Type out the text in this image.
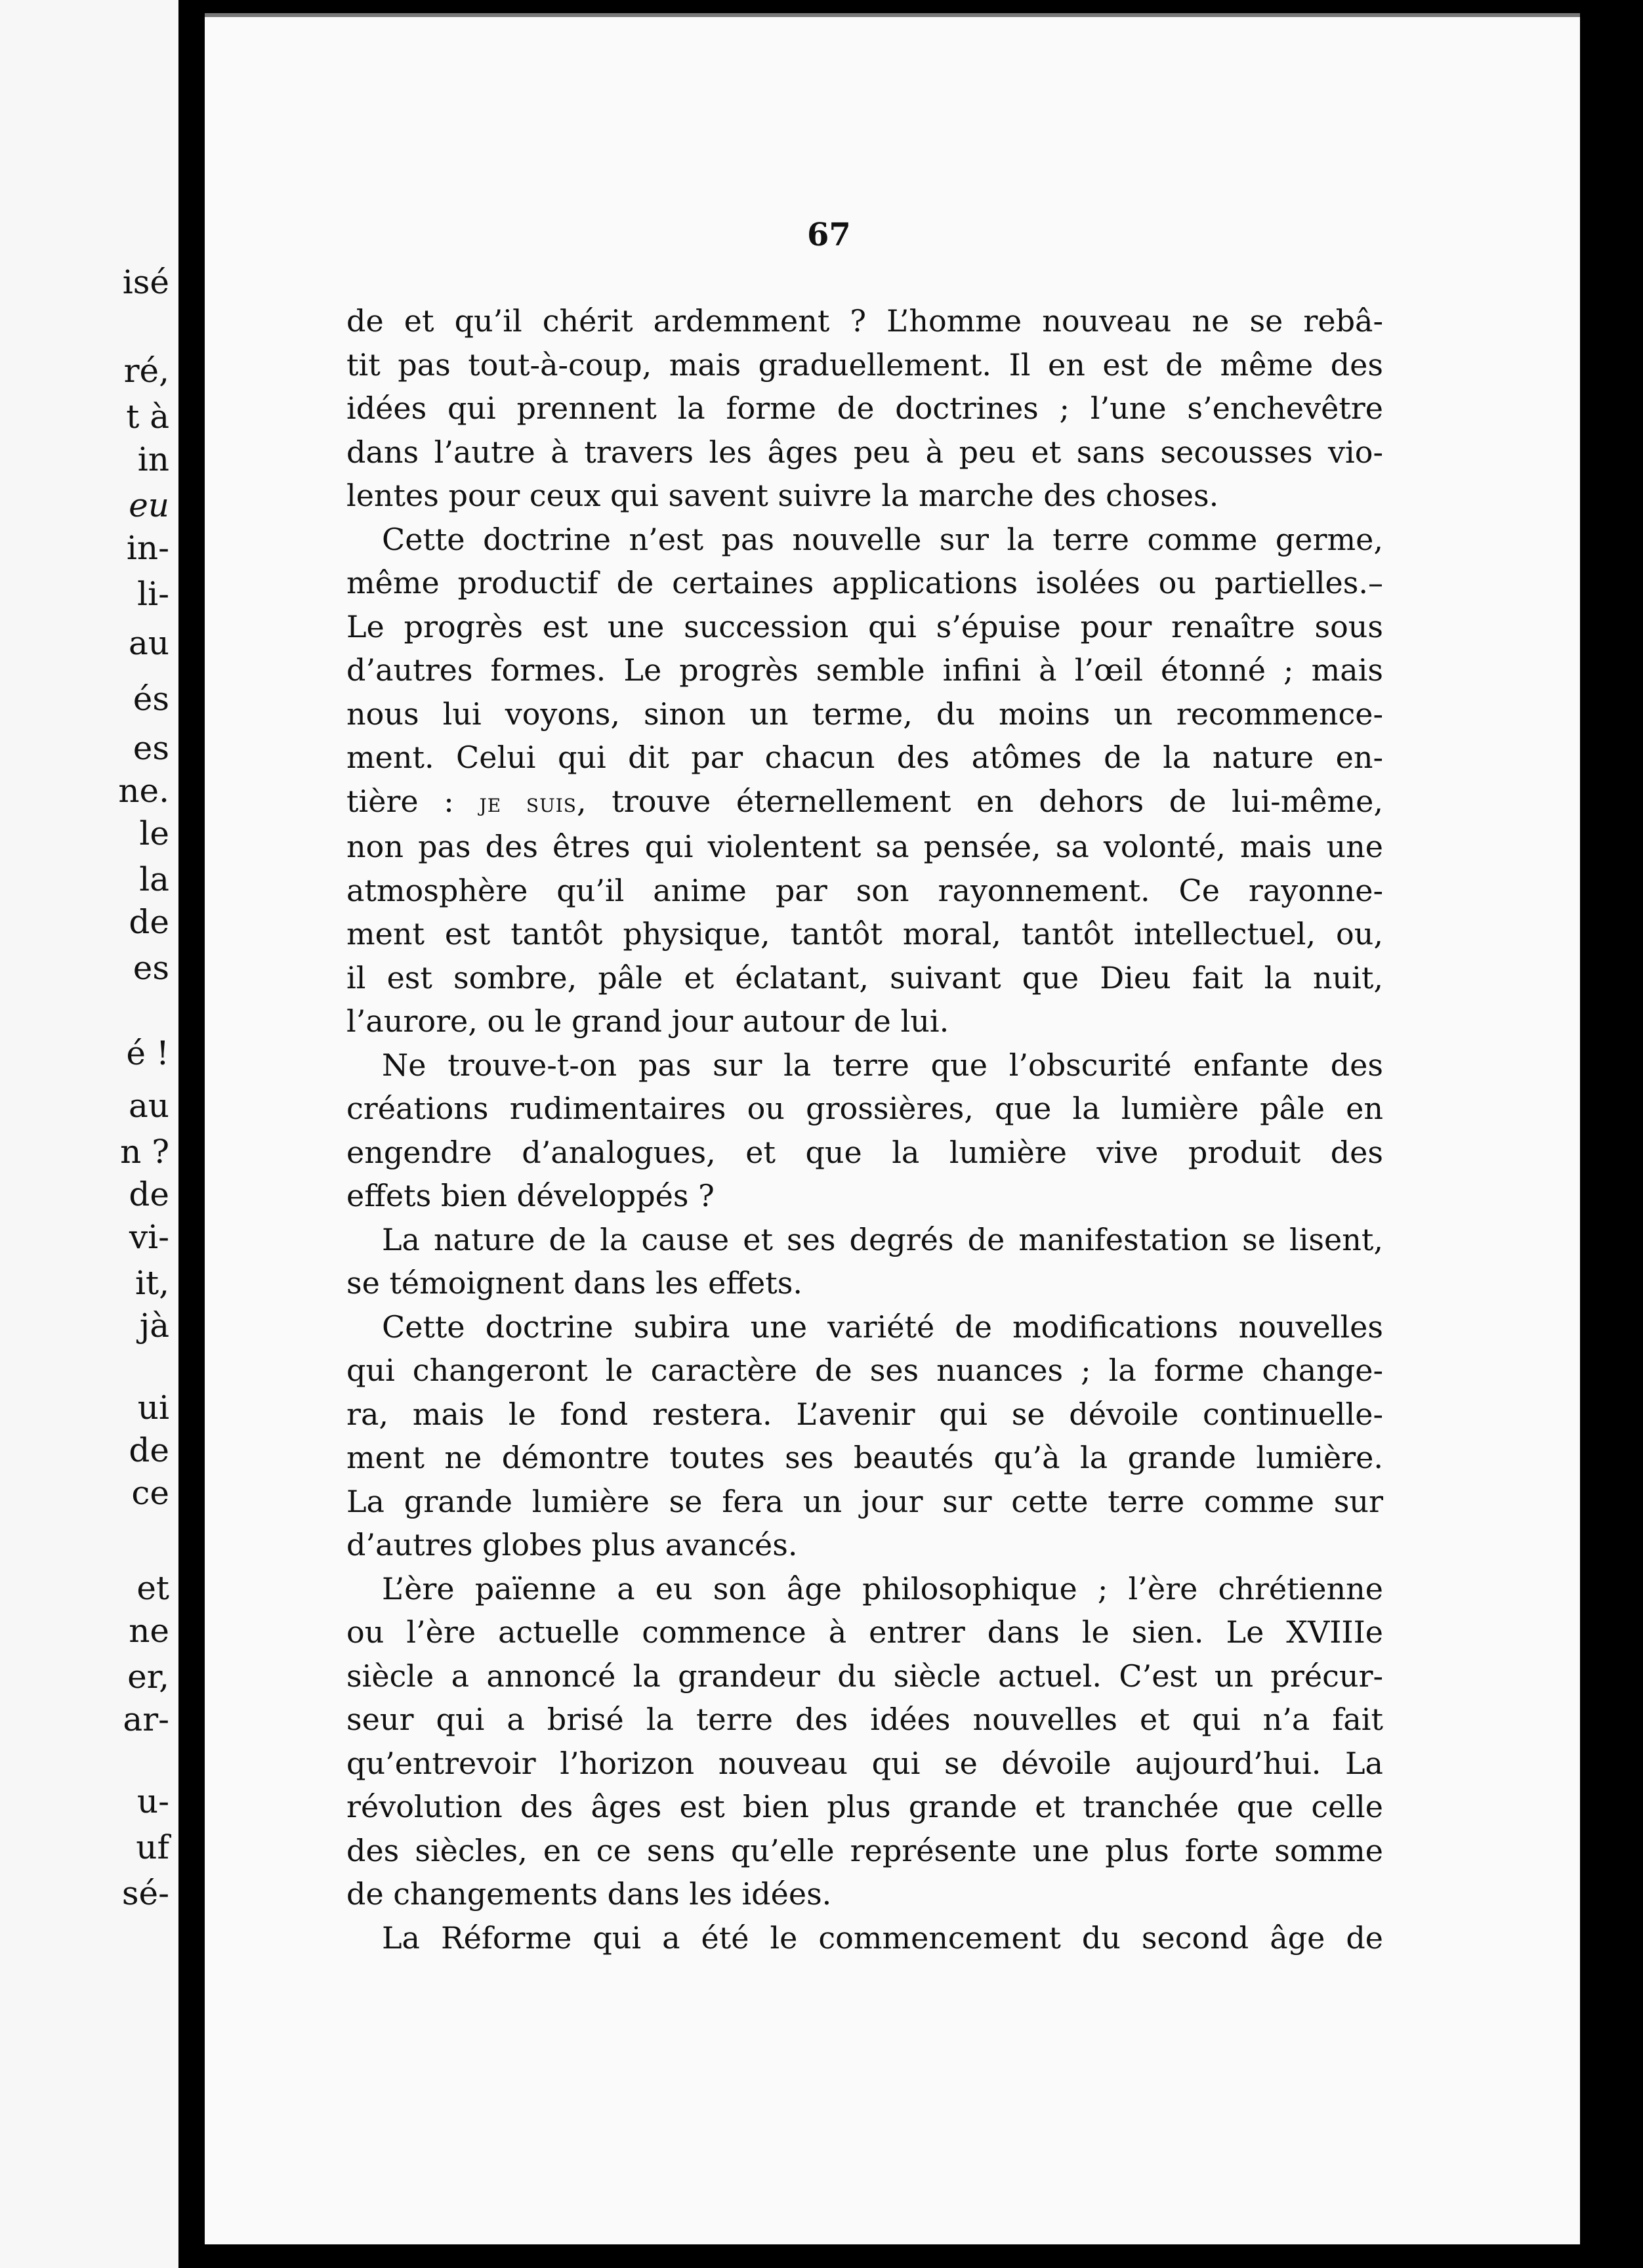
isé
ré,
t à
in
eu
in-
li-
au
és
es
ne.
le
la
de
es
é !
au
n ?
de
vi-
it,
jà
ui
de
ce
et
ne
er,
ar-
u-
uf
sé-
67

de et qu’il chérit ardemment ? L’homme nouveau ne se rebâ-
tit pas tout-à-coup, mais graduellement. Il en est de même des
idées qui prennent la forme de doctrines ; l’une s’enchevêtre
dans l’autre à travers les âges peu à peu et sans secousses vio-
lentes pour ceux qui savent suivre la marche des choses.

Cette doctrine n’est pas nouvelle sur la terre comme germe,
même productif de certaines applications isolées ou partielles.–
Le progrès est une succession qui s’épuise pour renaître sous
d’autres formes. Le progrès semble infini à l’œil étonné ; mais
nous lui voyons, sinon un terme, du moins un recommence-
ment. Celui qui dit par chacun des atômes de la nature en-
tière : je suis, trouve éternellement en dehors de lui-même,
non pas des êtres qui violentent sa pensée, sa volonté, mais une
atmosphère qu’il anime par son rayonnement. Ce rayonne-
ment est tantôt physique, tantôt moral, tantôt intellectuel, ou,
il est sombre, pâle et éclatant, suivant que Dieu fait la nuit,
l’aurore, ou le grand jour autour de lui.

Ne trouve-t-on pas sur la terre que l’obscurité enfante des
créations rudimentaires ou grossières, que la lumière pâle en
engendre d’analogues, et que la lumière vive produit des
effets bien développés ?

La nature de la cause et ses degrés de manifestation se lisent,
se témoignent dans les effets.

Cette doctrine subira une variété de modifications nouvelles
qui changeront le caractère de ses nuances ; la forme change-
ra, mais le fond restera. L’avenir qui se dévoile continuelle-
ment ne démontre toutes ses beautés qu’à la grande lumière.
La grande lumière se fera un jour sur cette terre comme sur
d’autres globes plus avancés.

L’ère païenne a eu son âge philosophique ; l’ère chrétienne
ou l’ère actuelle commence à entrer dans le sien. Le XVIIIe
siècle a annoncé la grandeur du siècle actuel. C’est un précur-
seur qui a brisé la terre des idées nouvelles et qui n’a fait
qu’entrevoir l’horizon nouveau qui se dévoile aujourd’hui. La
révolution des âges est bien plus grande et tranchée que celle
des siècles, en ce sens qu’elle représente une plus forte somme
de changements dans les idées.

La Réforme qui a été le commencement du second âge de
